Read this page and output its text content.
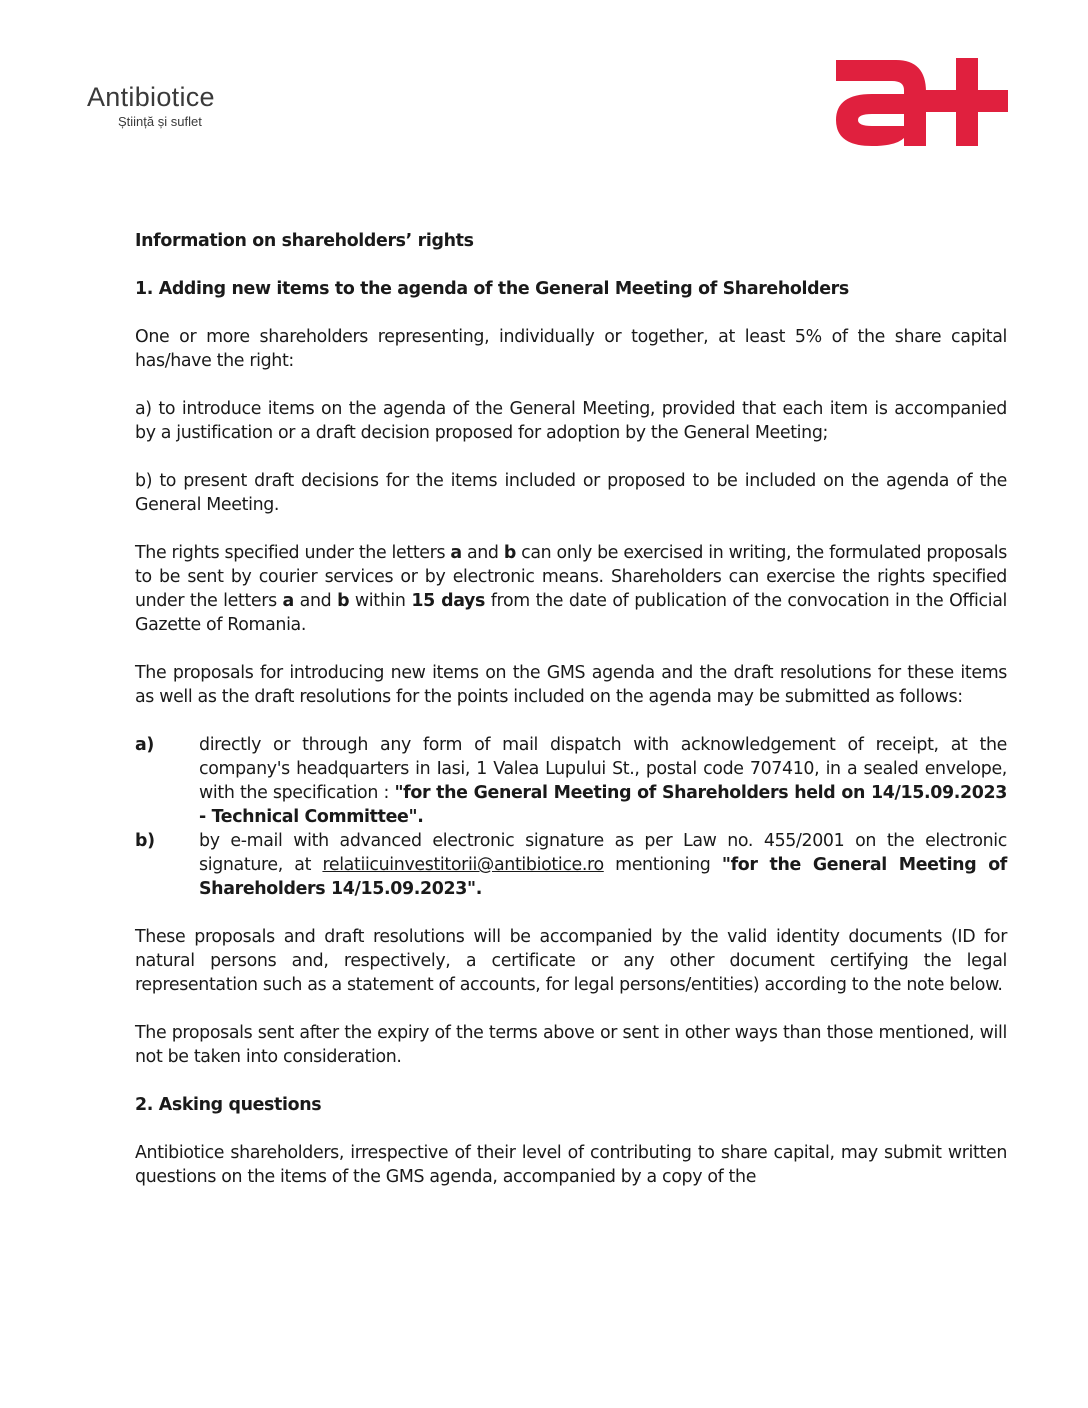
Antibiotice
Știință și suflet

Information on shareholders’ rights

1. Adding new items to the agenda of the General Meeting of Shareholders

One or more shareholders representing, individually or together, at least 5% of the share capital has/have the right:

a) to introduce items on the agenda of the General Meeting, provided that each item is accompanied by a justification or a draft decision proposed for adoption by the General Meeting;

b) to present draft decisions for the items included or proposed to be included on the agenda of the General Meeting.

The rights specified under the letters a and b can only be exercised in writing, the formulated proposals to be sent by courier services or by electronic means. Shareholders can exercise the rights specified under the letters a and b within 15 days from the date of publication of the convocation in the Official Gazette of Romania.

The proposals for introducing new items on the GMS agenda and the draft resolutions for these items as well as the draft resolutions for the points included on the agenda may be submitted as follows:

a)	directly or through any form of mail dispatch with acknowledgement of receipt, at the company's headquarters in Iasi, 1 Valea Lupului St., postal code 707410, in a sealed envelope, with the specification : "for the General Meeting of Shareholders held on 14/15.09.2023 - Technical Committee".
b)	by e-mail with advanced electronic signature as per Law no. 455/2001 on the electronic signature, at relatiicuinvestitorii@antibiotice.ro mentioning "for the General Meeting of Shareholders 14/15.09.2023".

These proposals and draft resolutions will be accompanied by the valid identity documents (ID for natural persons and, respectively, a certificate or any other document certifying the legal representation such as a statement of accounts, for legal persons/entities) according to the note below.

The proposals sent after the expiry of the terms above or sent in other ways than those mentioned, will not be taken into consideration.

2. Asking questions

Antibiotice shareholders, irrespective of their level of contributing to share capital, may submit written questions on the items of the GMS agenda, accompanied by a copy of the
